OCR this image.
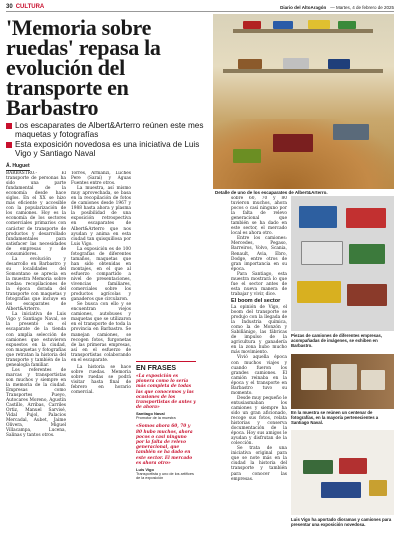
30 CULTURA	Diario del AltoAragón — Martes, 4 de febrero de 2025
'Memoria sobre ruedas' repasa la evolución del transporte en Barbastro
Los escaparates de Albert&Arterro reúnen este mes maquetas y fotografías
Esta exposición novedosa es una iniciativa de Luis Vigo y Santiago Naval
Á. Huguet

BARBASTRO.- El transporte de personas ha sido una parte fundamental de la economía desde hace siglos. En el XX se hizo más eficiente y accesible con la popularización de los camiones. Hoy es la economía de los sectores comerciales primarios con carácter de transporte de productos y desarrollado fundamentales para satisfacer las necesidades de empresas y de consumidores.

La evolución y desarrollo en Barbastro y su localidades del Somontano se aprecia en la muestra Memoria sobre ruedas: recopilaciones de la época dorada del transporte con maquetas y fotografías que incluye en los escaparates de Albert&Arterro.

La iniciativa de Luis Vigo y Santiago Naval, se la presentó en el escaparate de la tienda con amplia selección de camiones que estuvieron expuestos en la ciudad, con maquetas y fotografías que retratan la historia del transporte y también de la genealogía familiar.

Los referentes de marcas y transportistas son muchos y siempre en la memoria de la ciudad. Empresas como Transportes Pueyo, Autocares Moreno, Agustín Castillo, Arribas, Carriles Ortiz, Manuel Sarvisé, Vidal Pujol, Palacios Mercadal, Aubet, Jaime Olivera, Miguel Villacampa, Lucena, Salinas y tantos otros.

Torres, Armanzi, Luches Pere (Saraí) y Aguas Fuentes entre otros.

La muestra, así mismo muy aprovechada, se basa en la recopilación de fotos de camiones desde 1967 y 1988 hasta ahora y plasma la posibilidad de una exposición retrospectiva en escaparates de Albert&Arterro que nos ayudan y anima en esta ciudad tan quisquillosa por Luis Vigo.

La exposición es de 100 fotografías de diferentes tamaños, maquetas que han sido obtenidas en montajes, en el que al esfuerzo compartido a nivel de presentaciones, vivencias familiares, comerciales sobre los productos agrícolas y ganaderos que circularon.

Se busca con ello y se encuentran viejos camiones, autobuses y maquetas que se utilizaron en el transporte de toda la provincia en Barbastro. Se manejan camiones, se recogen fotos, furgonetas de las primeras empresas, así en el esfuerzo de transportistas colaborando en el escaparate.

La historia se hace sobre ruedas. Memoria sobre ruedas se podrá visitar hasta final de febrero en horario comercial.

EN FRASES
«La exposición es pionera como lo sería más completa de todas las que conocemos y las ocasiones de los transportistas de antes y de ahora»
Santiago Naval
Promotor de la muestra
«Somos ahora 60, 70 y 80 hubo muchos, ahora pocos o casi ninguno por la falta de relevo generacional, que también se ha dado en este sector. El mercado es ahora otro»
Luis Vigo
Transportista y uno de los artífices de la exposición
Detalle de uno de los escaparates de Albert&Arterro.

sobre 60, 70 y 80 tuvieron muchos, ahora pocos o casi ninguno por la falta de relevo generacional que también se ha dado en este sector, el mercado local es ahora otro.

Entre los camiones: Mercedes, Pegaso, Barreiros, Volvo, Scania, Renault, Avia, Ebro, Dodge, entre otros de gran importancia en su época.

Para Santiago, esta muestra mostrará lo que fue el sector antes de esta nueva manera de trabajar y vivir, dice.

El boom del sector

La opinión de Vigo, el boom del transporte se produjo con la llegada de la Industria química, como la de Monzón y Sabiñánigo, las fábricas de impulso de la agricultura y ganadería en la zona hubo mucho más movimiento.

Vivió aquella época con muchos viajes y cuando fueron los grandes camiones. El camión reinaba en la época y el transporte en Barbastro tuvo su momento.

Desde muy pequeño le entusiasmaban los camiones y siempre ha sido un gran aficionado, recoge sus fotos, relata historias y conserva documentación de la época. Hoy sus amigos le ayudan y disfrutan de la colección.

Se trata de una iniciativa original para que se note más en la ciudad la historia del transporte y también para conocer las empresas.

Piezas de camiones de diferentes empresas, acompañadas de imágenes, se exhiben en Barbastro.
En la muestra se reúnen un centenar de fotografías, en la mayoría pertenecientes a Santiago Naval.
Luis Vigo ha aportado dioramas y camiones para presentar una exposición novedosa.
